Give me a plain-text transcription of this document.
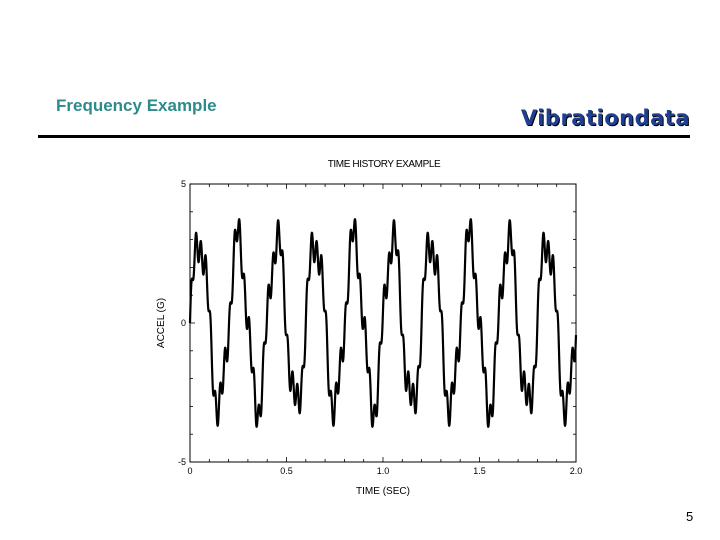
Frequency Example
Vibrationdata
TIME HISTORY EXAMPLE
0	0.5	1.0	1.5	2.0
-5
0
5
ACCEL (G)
TIME (SEC)
5
